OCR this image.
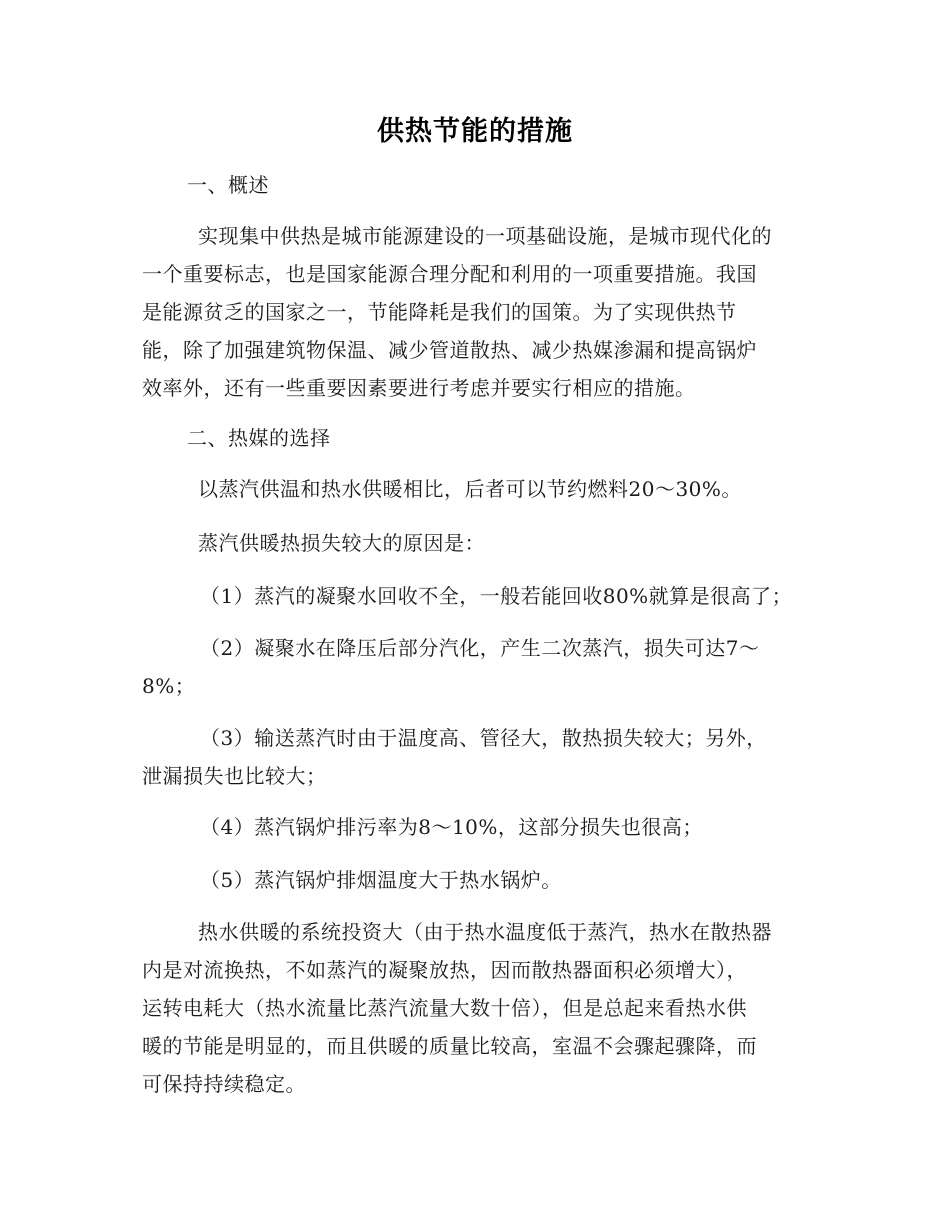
供热节能的措施
一、概述
实现集中供热是城市能源建设的一项基础设施，是城市现代化的
一个重要标志，也是国家能源合理分配和利用的一项重要措施。我国
是能源贫乏的国家之一，节能降耗是我们的国策。为了实现供热节
能，除了加强建筑物保温、减少管道散热、减少热媒渗漏和提高锅炉
效率外，还有一些重要因素要进行考虑并要实行相应的措施。
二、热媒的选择
以蒸汽供温和热水供暖相比，后者可以节约燃料20～30%。
蒸汽供暖热损失较大的原因是：
（1）蒸汽的凝聚水回收不全，一般若能回收80%就算是很高了；
（2）凝聚水在降压后部分汽化，产生二次蒸汽，损失可达7～
8%；
（3）输送蒸汽时由于温度高、管径大，散热损失较大；另外，
泄漏损失也比较大；
（4）蒸汽锅炉排污率为8～10%，这部分损失也很高；
（5）蒸汽锅炉排烟温度大于热水锅炉。
热水供暖的系统投资大（由于热水温度低于蒸汽，热水在散热器
内是对流换热，不如蒸汽的凝聚放热，因而散热器面积必须增大），
运转电耗大（热水流量比蒸汽流量大数十倍），但是总起来看热水供
暖的节能是明显的，而且供暖的质量比较高，室温不会骤起骤降，而
可保持持续稳定。
